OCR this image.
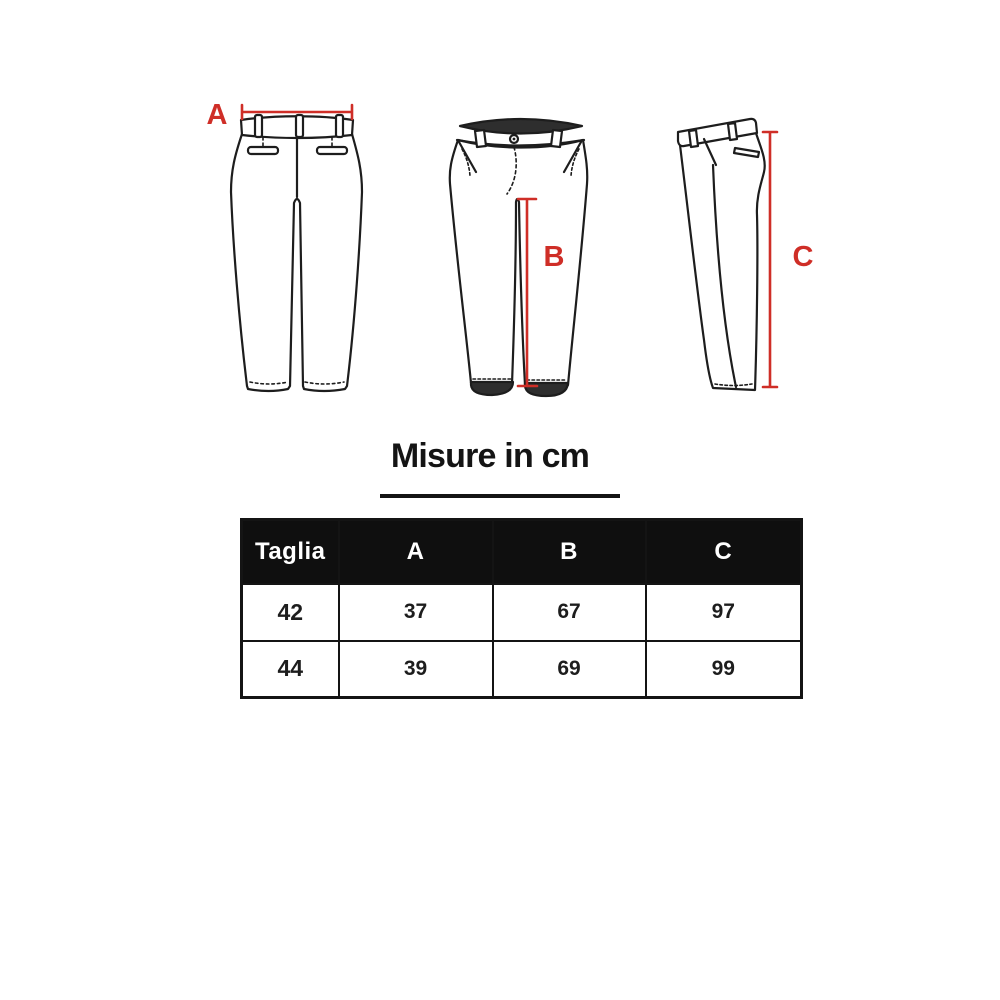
A
B	C
Misure in cm
Taglia	A	B	C
42	37	67	97
44	39	69	99
